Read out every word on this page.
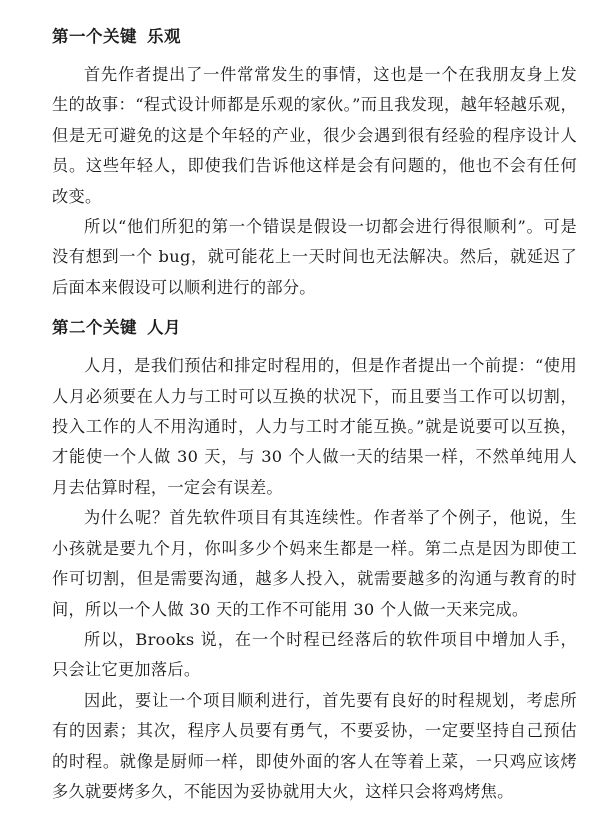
第一个关键 乐观

首先作者提出了一件常常发生的事情，这也是一个在我朋友身上发生的故事：“程式设计师都是乐观的家伙。”而且我发现，越年轻越乐观，但是无可避免的这是个年轻的产业，很少会遇到很有经验的程序设计人员。这些年轻人，即使我们告诉他这样是会有问题的，他也不会有任何改变。

所以“他们所犯的第一个错误是假设一切都会进行得很顺利”。可是没有想到一个 bug，就可能花上一天时间也无法解决。然后，就延迟了后面本来假设可以顺利进行的部分。

第二个关键 人月

人月，是我们预估和排定时程用的，但是作者提出一个前提：“使用人月必须要在人力与工时可以互换的状况下，而且要当工作可以切割，投入工作的人不用沟通时，人力与工时才能互换。”就是说要可以互换，才能使一个人做 30 天，与 30 个人做一天的结果一样，不然单纯用人月去估算时程，一定会有误差。

为什么呢？首先软件项目有其连续性。作者举了个例子，他说，生小孩就是要九个月，你叫多少个妈来生都是一样。第二点是因为即使工作可切割，但是需要沟通，越多人投入，就需要越多的沟通与教育的时间，所以一个人做 30 天的工作不可能用 30 个人做一天来完成。

所以，Brooks 说，在一个时程已经落后的软件项目中增加人手，只会让它更加落后。

因此，要让一个项目顺利进行，首先要有良好的时程规划，考虑所有的因素；其次，程序人员要有勇气，不要妥协，一定要坚持自己预估的时程。就像是厨师一样，即使外面的客人在等着上菜，一只鸡应该烤多久就要烤多久，不能因为妥协就用大火，这样只会将鸡烤焦。
